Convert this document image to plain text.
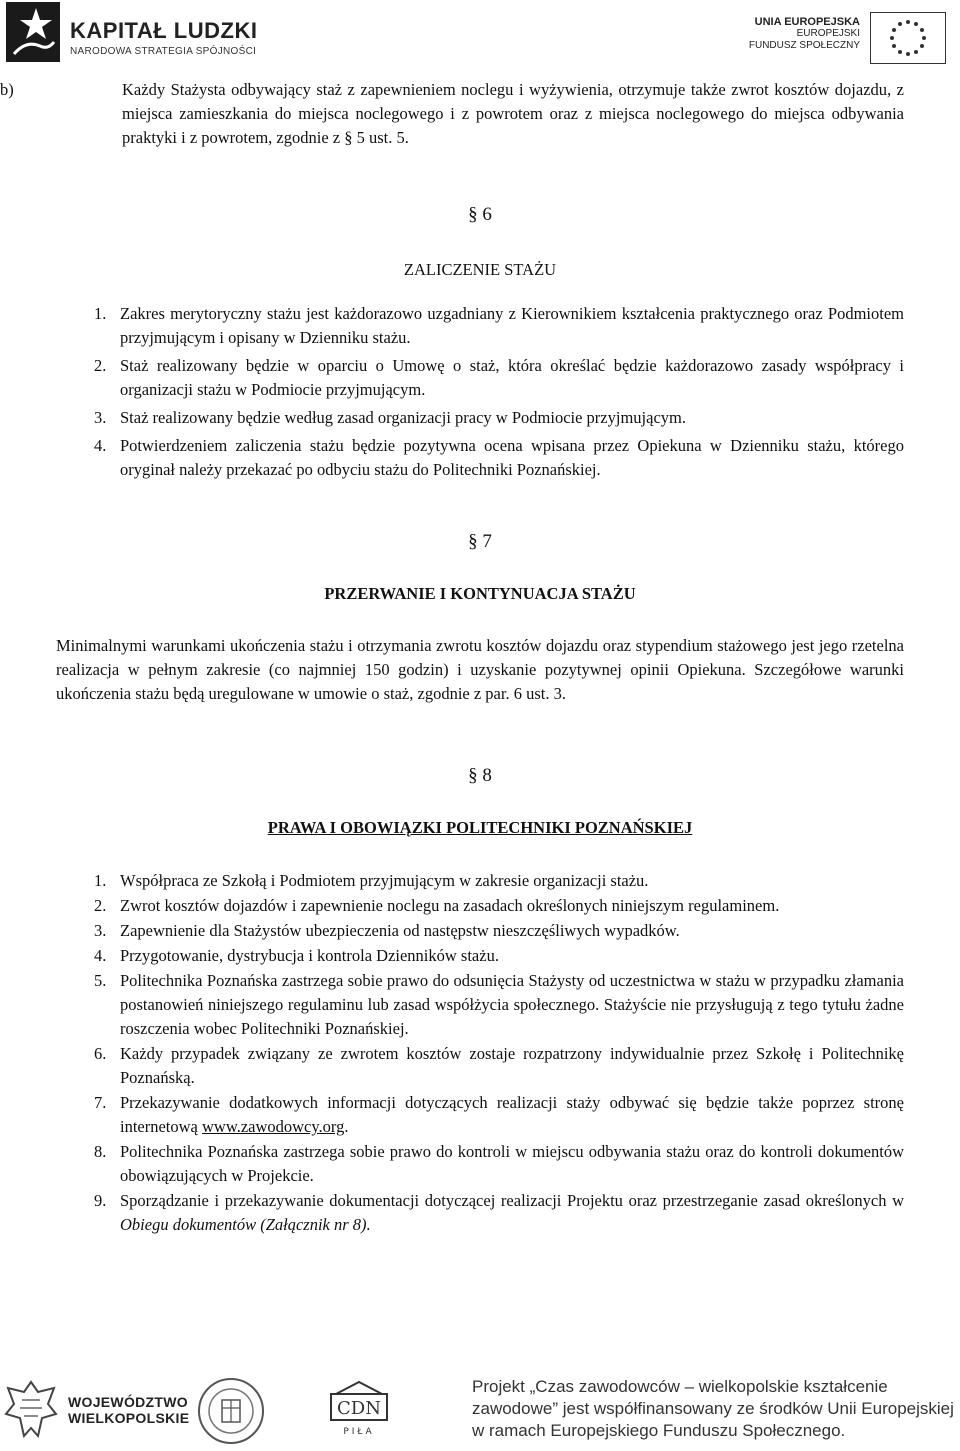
KAPITAŁ LUDZKI
NARODOWA STRATEGIA SPÓJNOŚCI
UNIA EUROPEJSKA
EUROPEJSKI
FUNDUSZ SPOŁECZNY
b)	Każdy Stażysta odbywający staż z zapewnieniem noclegu i wyżywienia, otrzymuje także zwrot kosztów dojazdu, z miejsca zamieszkania do miejsca noclegowego i z powrotem oraz z miejsca noclegowego do miejsca odbywania praktyki i z powrotem, zgodnie z § 5 ust. 5.
§ 6
ZALICZENIE STAŻU
1. Zakres merytoryczny stażu jest każdorazowo uzgadniany z Kierownikiem kształcenia praktycznego oraz Podmiotem przyjmującym i opisany w Dzienniku stażu.
2. Staż realizowany będzie w oparciu o Umowę o staż, która określać będzie każdorazowo zasady współpracy i organizacji stażu w Podmiocie przyjmującym.
3. Staż realizowany będzie według zasad organizacji pracy w Podmiocie przyjmującym.
4. Potwierdzeniem zaliczenia stażu będzie pozytywna ocena wpisana przez Opiekuna w Dzienniku stażu, którego oryginał należy przekazać po odbyciu stażu do Politechniki Poznańskiej.
§ 7
PRZERWANIE I KONTYNUACJA STAŻU
Minimalnymi warunkami ukończenia stażu i otrzymania zwrotu kosztów dojazdu oraz stypendium stażowego jest jego rzetelna realizacja w pełnym zakresie (co najmniej 150 godzin) i uzyskanie pozytywnej opinii Opiekuna. Szczegółowe warunki ukończenia stażu będą uregulowane w umowie o staż, zgodnie z par. 6 ust. 3.
§ 8
PRAWA I OBOWIĄZKI POLITECHNIKI POZNAŃSKIEJ
1. Współpraca ze Szkołą i Podmiotem przyjmującym w zakresie organizacji stażu.
2. Zwrot kosztów dojazdów i zapewnienie noclegu na zasadach określonych niniejszym regulaminem.
3. Zapewnienie dla Stażystów ubezpieczenia od następstw nieszczęśliwych wypadków.
4. Przygotowanie, dystrybucja i kontrola Dzienników stażu.
5. Politechnika Poznańska zastrzega sobie prawo do odsunięcia Stażysty od uczestnictwa w stażu w przypadku złamania postanowień niniejszego regulaminu lub zasad współżycia społecznego. Stażyście nie przysługują z tego tytułu żadne roszczenia wobec Politechniki Poznańskiej.
6. Każdy przypadek związany ze zwrotem kosztów zostaje rozpatrzony indywidualnie przez Szkołę i Politechnikę Poznańską.
7. Przekazywanie dodatkowych informacji dotyczących realizacji staży odbywać się będzie także poprzez stronę internetową www.zawodowcy.org.
8. Politechnika Poznańska zastrzega sobie prawo do kontroli w miejscu odbywania stażu oraz do kontroli dokumentów obowiązujących w Projekcie.
9. Sporządzanie i przekazywanie dokumentacji dotyczącej realizacji Projektu oraz przestrzeganie zasad określonych w Obiegu dokumentów (Załącznik nr 8).
WOJEWÓDZTWO
WIELKOPOLSKIE	CDN
PIŁA
Projekt „Czas zawodowców – wielkopolskie kształcenie zawodowe” jest współfinansowany ze środków Unii Europejskiej w ramach Europejskiego Funduszu Społecznego.
